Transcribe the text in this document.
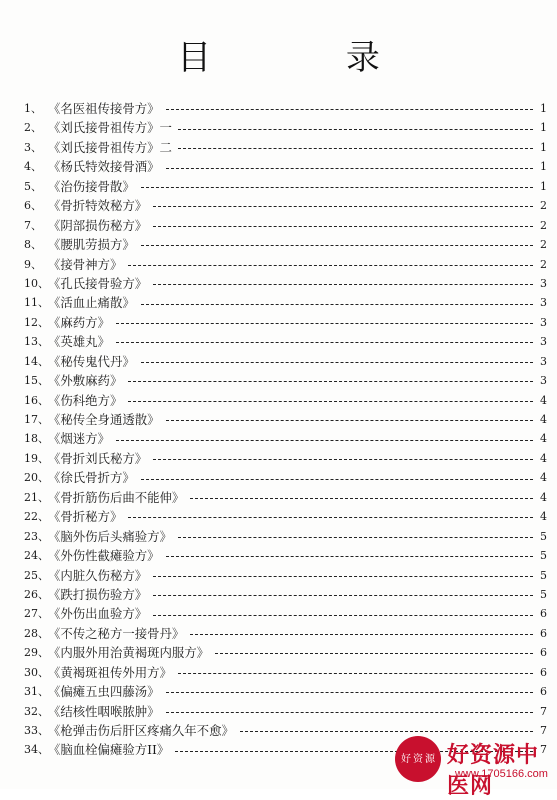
目 录
1、 《名医祖传接骨方》	1
2、 《刘氏接骨祖传方》一	1
3、 《刘氏接骨祖传方》二	1
4、 《杨氏特效接骨酒》	1
5、 《治伤接骨散》	1
6、 《骨折特效秘方》	2
7、 《阴部损伤秘方》	2
8、 《腰肌劳损方》	2
9、 《接骨神方》	2
10、 《孔氏接骨验方》	3
11、 《活血止痛散》	3
12、 《麻药方》	3
13、 《英雄丸》	3
14、 《秘传鬼代丹》	3
15、 《外敷麻药》	3
16、 《伤科绝方》	4
17、 《秘传全身通透散》	4
18、 《烟迷方》	4
19、 《骨折刘氏秘方》	4
20、 《徐氏骨折方》	4
21、 《骨折筋伤后曲不能伸》	4
22、 《骨折秘方》	4
23、 《脑外伤后头痛验方》	5
24、 《外伤性截瘫验方》	5
25、 《内脏久伤秘方》	5
26、 《跌打损伤验方》	5
27、 《外伤出血验方》	6
28、 《不传之秘方一接骨丹》	6
29、 《内服外用治黄褐斑内服方》	6
30、 《黄褐斑祖传外用方》	6
31、 《偏瘫五虫四藤汤》	6
32、 《结核性咽喉脓肿》	7
33、 《枪弹击伤后肝区疼痛久年不愈》	7
34、 《脑血栓偏瘫验方II》	7
好 资 源 好资源中医网
www.1705166.com
